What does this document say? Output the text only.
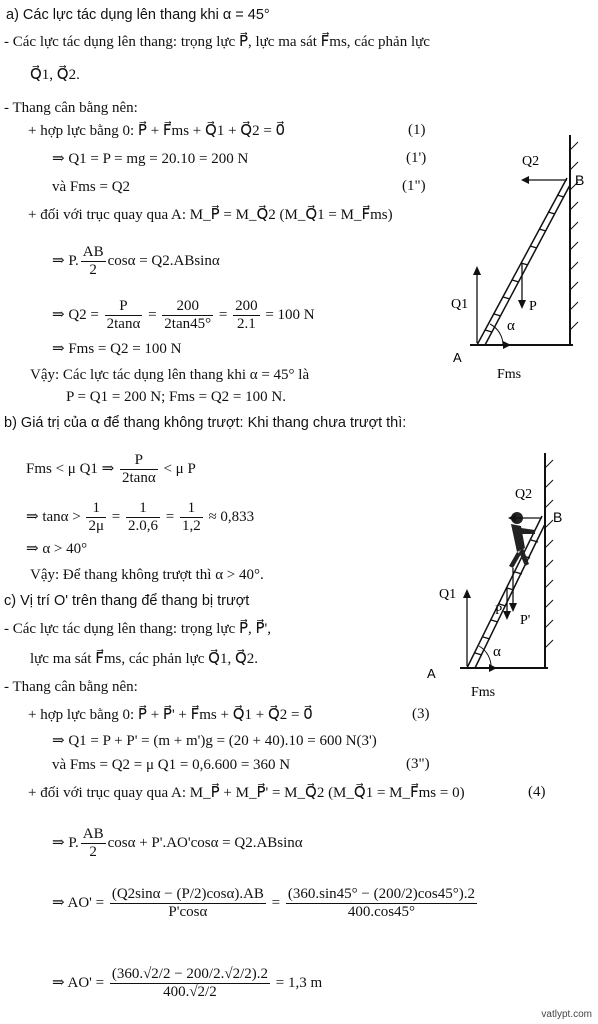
a) Các lực tác dụng lên thang khi α = 45°
- Các lực tác dụng lên thang: trọng lực P⃗, lực ma sát F⃗ms, các phản lực
Q⃗1, Q⃗2.
- Thang cân bằng nên:
+ hợp lực bằng 0: P⃗ + F⃗ms + Q⃗1 + Q⃗2 = 0⃗	(1)
⇒ Q1 = P = mg = 20.10 = 200 N	(1')
và Fms = Q2	(1")
+ đối với trục quay qua A: M_P⃗ = M_Q⃗2 (M_Q⃗1 = M_F⃗ms)
⇒ P. $\frac{AB}{2}$ cosα = Q2.ABsinα
⇒ $Q2 = \frac{P}{2\tan\alpha} = \frac{200}{2\tan 45^\circ} = \frac{200}{2.1} = 100$ N
⇒ Fms = Q2 = 100 N
Vậy: Các lực tác dụng lên thang khi α = 45° là
P = Q1 = 200 N; Fms = Q2 = 100 N.
Q2
B
Q1	P
α
A
Fms
b) Giá trị của α để thang không trượt: Khi thang chưa trượt thì:
Fms < μ Q1 ⇒ $\frac{P}{2\tan\alpha} < \mu$ P
⇒ $\tan\alpha > \frac{1}{2\mu} = \frac{1}{2.0,6} = \frac{1}{1,2} \approx 0,833$
⇒ α > 40°
Vậy: Để thang không trượt thì α > 40°.
c) Vị trí O' trên thang để thang bị trượt
- Các lực tác dụng lên thang: trọng lực P⃗, P⃗',
lực ma sát F⃗ms, các phản lực Q⃗1, Q⃗2.
- Thang cân bằng nên:
+ hợp lực bằng 0: P⃗ + P⃗' + F⃗ms + Q⃗1 + Q⃗2 = 0⃗	(3)
⇒ Q1 = P + P' = (m + m')g = (20 + 40).10 = 600 N(3')
và Fms = Q2 = μ Q1 = 0,6.600 = 360 N	(3")
+ đối với trục quay qua A: M_P⃗ + M_P⃗' = M_Q⃗2 (M_Q⃗1 = M_F⃗ms = 0)	(4)
⇒ P. $\frac{AB}{2}$ cosα + P'.AO'cosα = Q2.ABsinα
⇒ $AO' = \frac{(Q2\sin\alpha - (P/2)\cos\alpha).AB}{P'\cos\alpha} = \frac{(360.\sin 45^\circ - (200/2)\cos 45^\circ).2}{400.\cos 45^\circ}$
⇒ $AO' = \frac{(360.√2/2 - 200/2.√2/2).2}{400.√2/2} = 1,3$ m
Q2
B
Q1
P
P'
α
A
Fms
vatlypt.com
